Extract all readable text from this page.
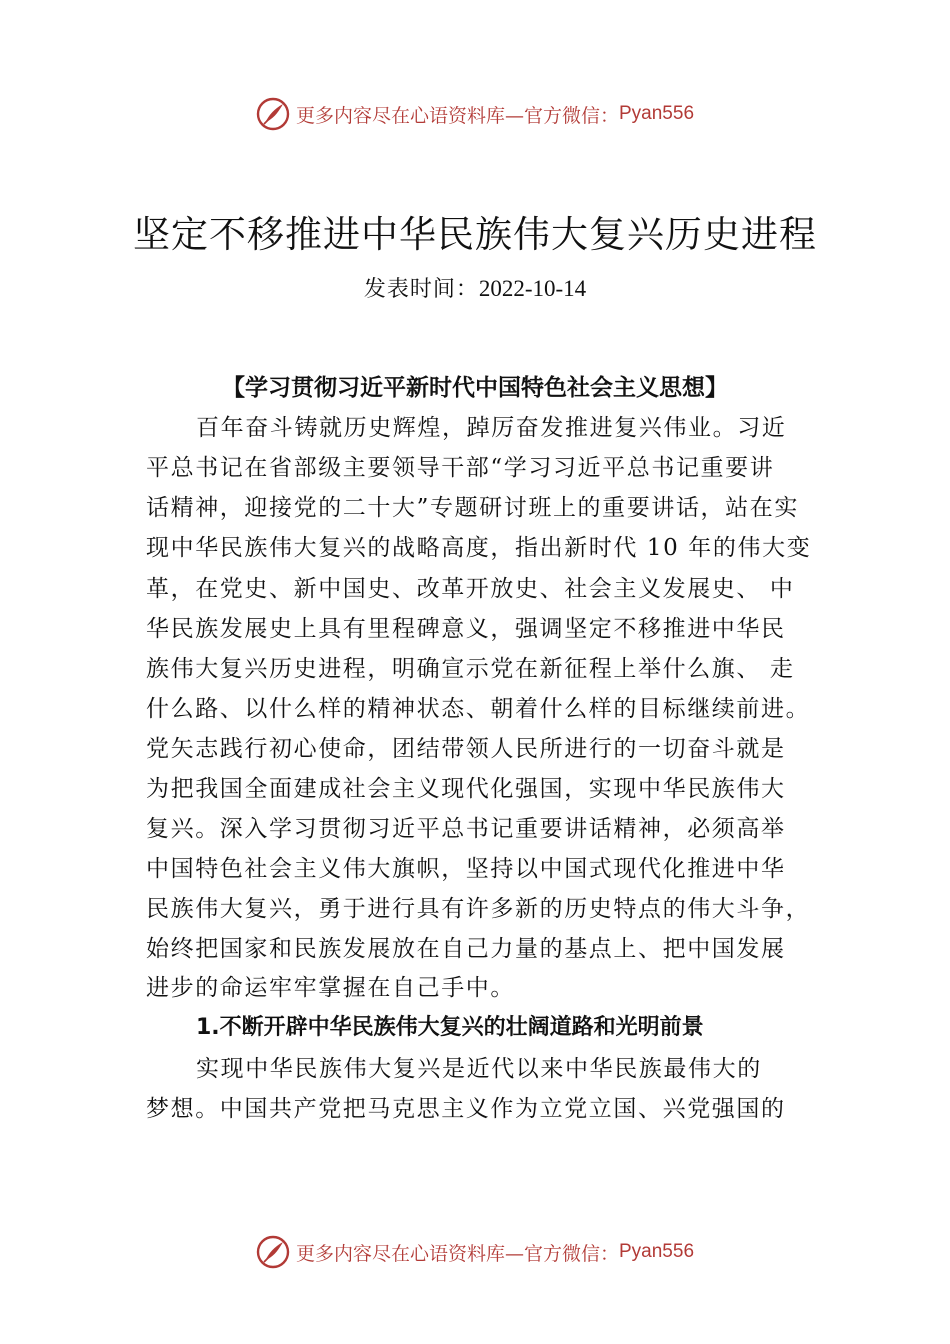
更多内容尽在心语资料库—官方微信： Pyan556
坚定不移推进中华民族伟大复兴历史进程
发表时间：2022-10-14
【学习贯彻习近平新时代中国特色社会主义思想】
百年奋斗铸就历史辉煌，踔厉奋发推进复兴伟业。习近
平总书记在省部级主要领导干部“学习习近平总书记重要讲
话精神，迎接党的二十大”专题研讨班上的重要讲话，站在实
现中华民族伟大复兴的战略高度，指出新时代 10 年的伟大变
革，在党史、新中国史、改革开放史、社会主义发展史、 中
华民族发展史上具有里程碑意义，强调坚定不移推进中华民
族伟大复兴历史进程，明确宣示党在新征程上举什么旗、 走
什么路、以什么样的精神状态、朝着什么样的目标继续前进。
党矢志践行初心使命，团结带领人民所进行的一切奋斗就是
为把我国全面建成社会主义现代化强国，实现中华民族伟大
复兴。深入学习贯彻习近平总书记重要讲话精神，必须高举
中国特色社会主义伟大旗帜，坚持以中国式现代化推进中华
民族伟大复兴，勇于进行具有许多新的历史特点的伟大斗争，
始终把国家和民族发展放在自己力量的基点上、把中国发展
进步的命运牢牢掌握在自己手中。
1.不断开辟中华民族伟大复兴的壮阔道路和光明前景
实现中华民族伟大复兴是近代以来中华民族最伟大的
梦想。中国共产党把马克思主义作为立党立国、兴党强国的
更多内容尽在心语资料库—官方微信： Pyan556
